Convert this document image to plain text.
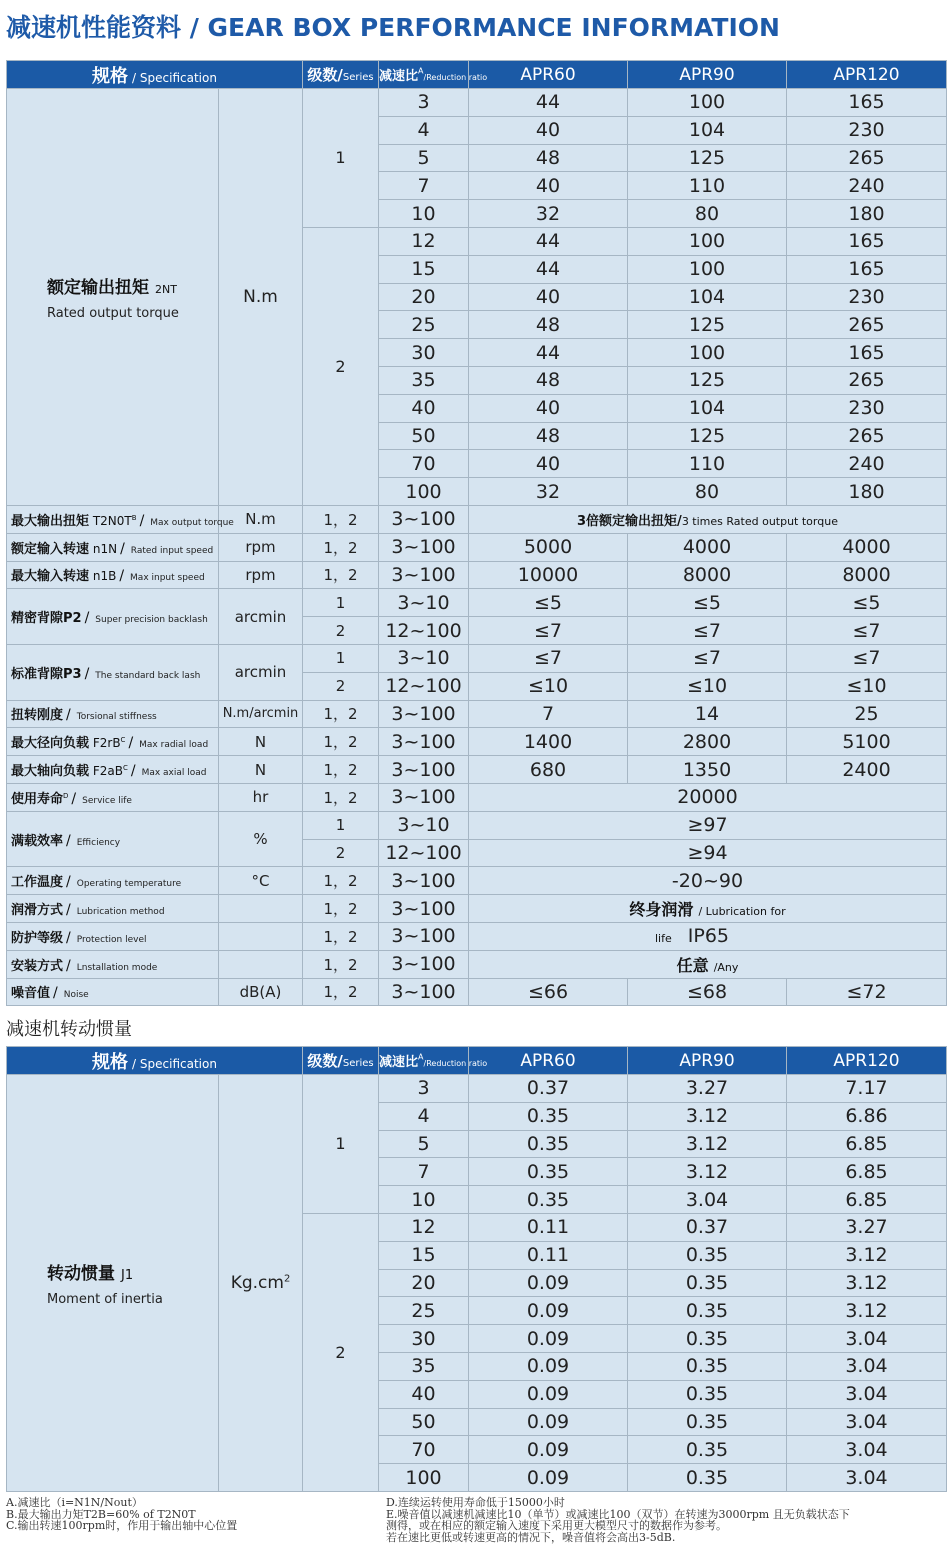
减速机性能资料 / GEAR BOX PERFORMANCE INFORMATION
规格 / Specification		级数/Series	减速比$^A$/Reduction ratio	APR60	APR90	APR120

额定输出扭矩 2NT
Rated output torque	N.m	1	3	44	100	165
			4	40	104	230
			5	48	125	265
			7	40	110	240
			10	32	80	180
		2	12	44	100	165
			15	44	100	165
			20	40	104	230
			25	48	125	265
			30	44	100	165
			35	48	125	265
			40	40	104	230
			50	48	125	265
			70	40	110	240
			100	32	80	180
最大输出扭矩 $T2N0T^B$ / Max output torque	N.m	1，2	3~100	3倍额定输出扭矩/3 times Rated output torque		
额定输入转速 n1N / Rated input speed	rpm	1，2	3~100	5000	4000	4000
最大输入转速 n1B / Max input speed	rpm	1，2	3~100	10000	8000	8000
精密背隙P2 / Super precision backlash	arcmin	1	3~10	≤5	≤5	≤5
		2	12~100	≤7	≤7	≤7
标准背隙P3 / The standard back lash	arcmin	1	3~10	≤7	≤7	≤7
		2	12~100	≤10	≤10	≤10
扭转刚度 / Torsional stiffness	N.m/arcmin	1，2	3~100	7	14	25
最大径向负载 $F2rB^C$ / Max radial load	N	1，2	3~100	1400	2800	5100
最大轴向负载 $F2aB^C$ / Max axial load	N	1，2	3~100	680	1350	2400
使用寿命$^D$ / Service life	hr	1，2	3~100	20000		
满载效率 / Efficiency	%	1	3~10	≥97		
		2	12~100	≥94		
工作温度 / Operating temperature	°C	1，2	3~100	-20~90		
润滑方式 / Lubrication method		1，2	3~100	终身润滑 / Lubrication for		
防护等级 / Protection level		1，2	3~100	life IP65		
安装方式 / Lnstallation mode		1，2	3~100	任意 /Any		
噪音值 / Noise	dB(A)	1，2	3~100	≤66	≤68	≤72
减速机转动惯量
规格 / Specification		级数/Series	减速比$^A$/Reduction ratio	APR60	APR90	APR120

转动惯量 J1
Moment of inertia	$Kg.cm^2$	1	3	0.37	3.27	7.17
			4	0.35	3.12	6.86
			5	0.35	3.12	6.85
			7	0.35	3.12	6.85
			10	0.35	3.04	6.85
		2	12	0.11	0.37	3.27
			15	0.11	0.35	3.12
			20	0.09	0.35	3.12
			25	0.09	0.35	3.12
			30	0.09	0.35	3.04
			35	0.09	0.35	3.04
			40	0.09	0.35	3.04
			50	0.09	0.35	3.04
			70	0.09	0.35	3.04
			100	0.09	0.35	3.04
A.减速比（i=N1N/Nout）
B.最大输出力矩T2B=60% of T2N0T
C.输出转速100rpm时，作用于输出轴中心位置
D.连续运转使用寿命低于15000小时
E.噪音值以减速机减速比10（单节）或减速比100（双节）在转速为3000rpm 且无负载状态下
测得，或在相应的额定输入速度下采用更大模型尺寸的数据作为参考。
若在速比更低或转速更高的情况下，噪音值将会高出3-5dB.
